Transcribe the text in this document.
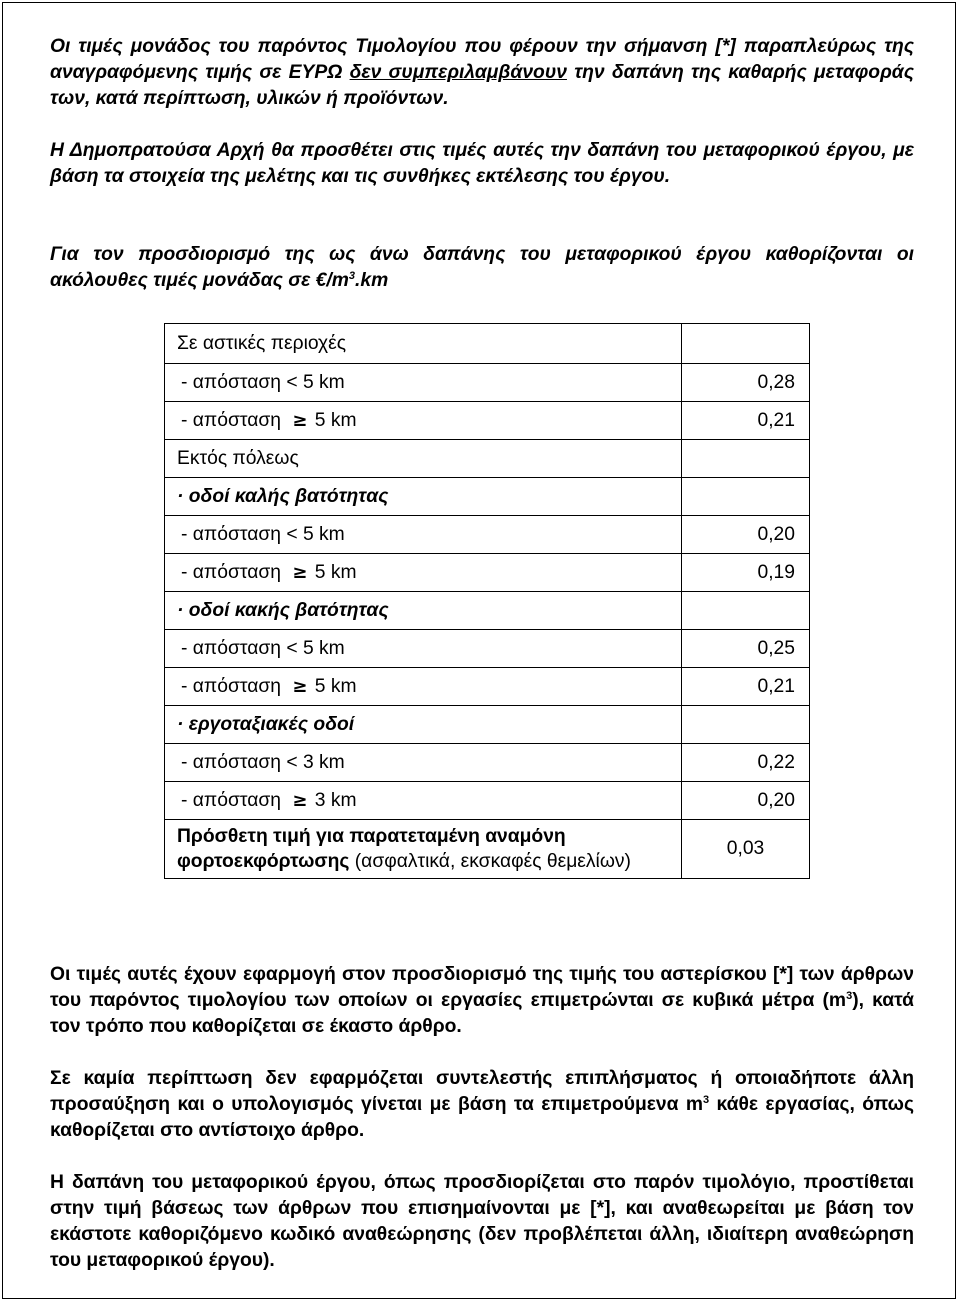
Οι τιμές μονάδος του παρόντος Τιμολογίου που φέρουν την σήμανση [*] παραπλεύρως της αναγραφόμενης τιμής σε ΕΥΡΩ δεν συμπεριλαμβάνουν την δαπάνη της καθαρής μεταφοράς των, κατά περίπτωση, υλικών ή προϊόντων.
Η Δημοπρατούσα Αρχή θα προσθέτει στις τιμές αυτές την δαπάνη του μεταφορικού έργου, με βάση τα στοιχεία της μελέτης και τις συνθήκες εκτέλεσης του έργου.
Για τον προσδιορισμό της ως άνω δαπάνης του μεταφορικού έργου καθορίζονται οι ακόλουθες τιμές μονάδας σε $€/m^3.km$
Σε αστικές περιοχές	
- απόσταση < 5 km	0,28
- απόσταση ≥ 5 km	0,21
Εκτός πόλεως	
· οδοί καλής βατότητας	
- απόσταση < 5 km	0,20
- απόσταση ≥ 5 km	0,19
· οδοί κακής βατότητας	
- απόσταση < 5 km	0,25
- απόσταση ≥ 5 km	0,21
· εργοταξιακές οδοί	
- απόσταση < 3 km	0,22
- απόσταση ≥ 3 km	0,20
Πρόσθετη τιμή για παρατεταμένη αναμόνη φορτοεκφόρτωσης (ασφαλτικά, εκσκαφές θεμελίων)	0,03
Οι τιμές αυτές έχουν εφαρμογή στον προσδιορισμό της τιμής του αστερίσκου [*] των άρθρων του παρόντος τιμολογίου των οποίων οι εργασίες επιμετρώνται σε κυβικά μέτρα $(m^3)$, κατά τον τρόπο που καθορίζεται σε έκαστο άρθρο.
Σε καμία περίπτωση δεν εφαρμόζεται συντελεστής επιπλήσματος ή οποιαδήποτε άλλη προσαύξηση και ο υπολογισμός γίνεται με βάση τα επιμετρούμενα $m^3$ κάθε εργασίας, όπως καθορίζεται στο αντίστοιχο άρθρο.
Η δαπάνη του μεταφορικού έργου, όπως προσδιορίζεται στο παρόν τιμολόγιο, προστίθεται στην τιμή βάσεως των άρθρων που επισημαίνονται με [*], και αναθεωρείται με βάση τον εκάστοτε καθοριζόμενο κωδικό αναθεώρησης (δεν προβλέπεται άλλη, ιδιαίτερη αναθεώρηση του μεταφορικού έργου).
